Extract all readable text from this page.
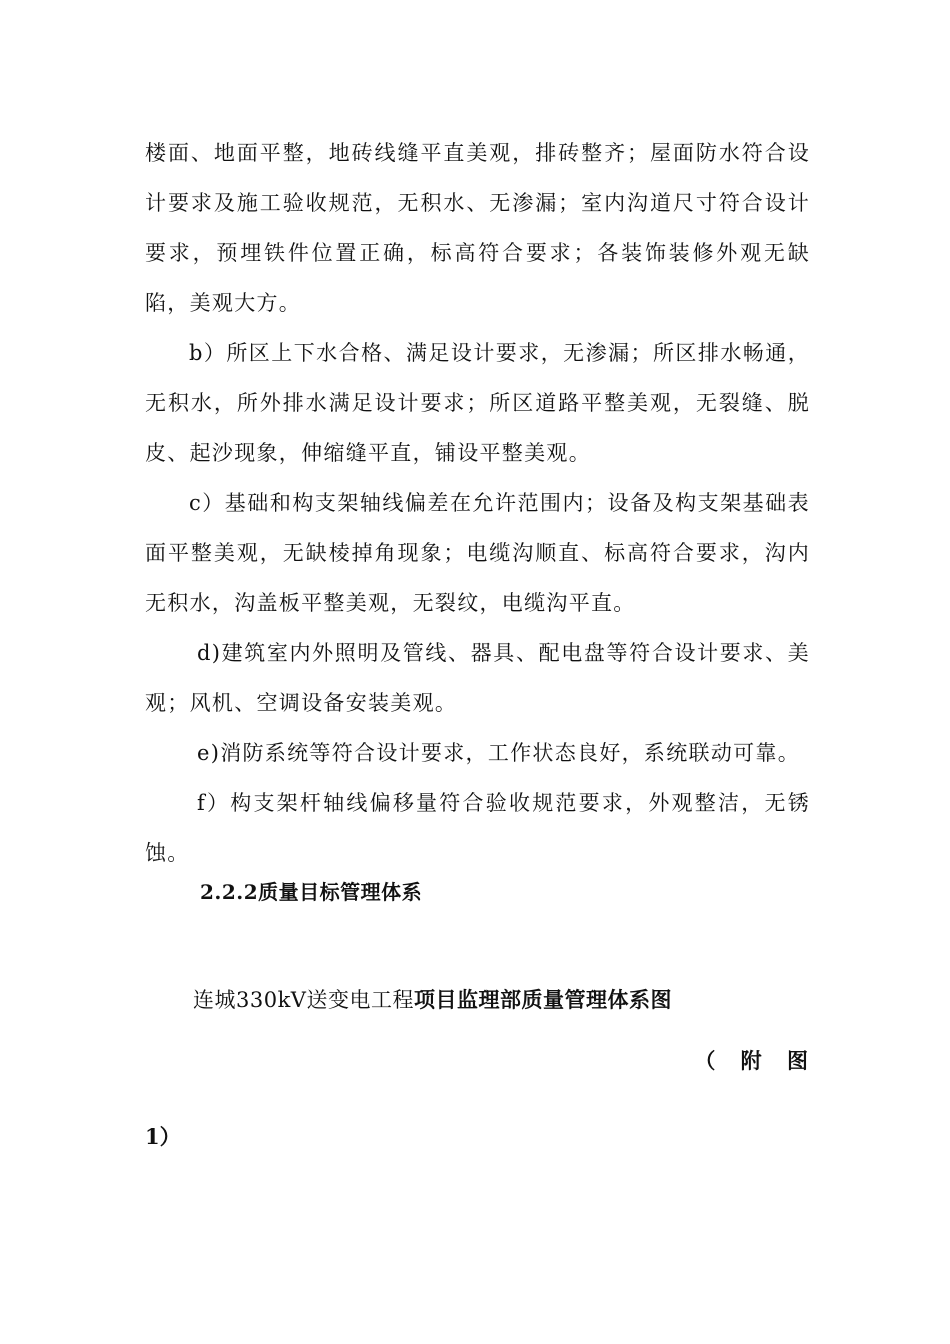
楼面、地面平整，地砖线缝平直美观，排砖整齐；屋面防水符合设计要求及施工验收规范，无积水、无渗漏；室内沟道尺寸符合设计要求，预埋铁件位置正确，标高符合要求；各装饰装修外观无缺陷，美观大方。

b）所区上下水合格、满足设计要求，无渗漏；所区排水畅通，无积水，所外排水满足设计要求；所区道路平整美观，无裂缝、脱皮、起沙现象，伸缩缝平直，铺设平整美观。

c）基础和构支架轴线偏差在允许范围内；设备及构支架基础表面平整美观，无缺棱掉角现象；电缆沟顺直、标高符合要求，沟内无积水，沟盖板平整美观，无裂纹，电缆沟平直。

d)建筑室内外照明及管线、器具、配电盘等符合设计要求、美观；风机、空调设备安装美观。

e)消防系统等符合设计要求，工作状态良好，系统联动可靠。

f）构支架杆轴线偏移量符合验收规范要求，外观整洁，无锈蚀。

2.2.2质量目标管理体系

连城330kV送变电工程项目监理部质量管理体系图

（ 附 图

1）
